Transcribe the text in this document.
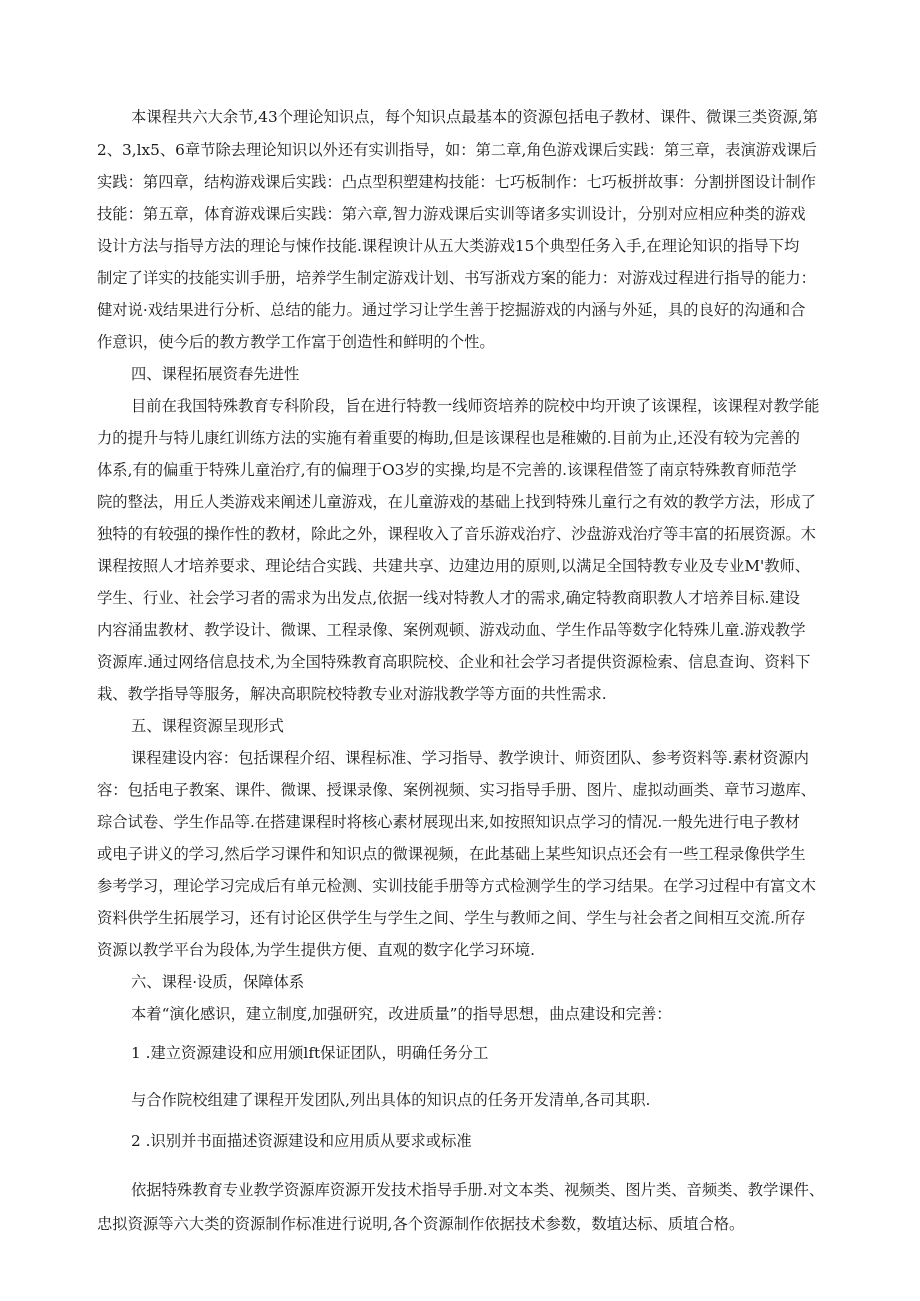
本课程共六大余节,43个理论知识点，每个知识点最基本的资源包括电子教材、课件、微课三类资源,第
2、3,lx5、6章节除去理论知识以外还有实训指导，如：第二章,角色游戏课后实践：第三章，表演游戏课后
实践：第四章，结构游戏课后实践：凸点型积塑建构技能：七巧板制作：七巧板拼故事：分割拼图设计制作
技能：第五章，体育游戏课后实践：第六章,智力游戏课后实训等诸多实训设计，分别对应相应种类的游戏
设计方法与指导方法的理论与悚作技能.课程谀计从五大类游戏15个典型任务入手,在理论知识的指导下均
制定了详实的技能实训手册，培养学生制定游戏计划、书写浙戏方案的能力：对游戏过程进行指导的能力：
健对说·戏结果进行分析、总结的能力。通过学习让学生善于挖掘游戏的内涵与外延，具的良好的沟通和合
作意识，使今后的教方教学工作富于创造性和鲜明的个性。
四、课程拓展资春先进性
目前在我国特殊教育专科阶段，旨在进行特教一线师资培养的院校中均开谀了该课程，该课程对教学能
力的提升与特儿康红训练方法的实施有着重要的梅助,但是该课程也是稚嫩的.目前为止,还没有较为完善的
体系,有的偏重于特殊儿童治疗,有的偏理于O3岁的实操,均是不完善的.该课程借签了南京特殊教育师范学
院的整法，用丘人类游戏来阐述儿童游戏，在儿童游戏的基础上找到特殊儿童行之有效的教学方法，形成了
独特的有较强的操作性的教材，除此之外，课程收入了音乐游戏治疗、沙盘游戏治疗等丰富的拓展资源。木
课程按照人才培养要求、理论结合实践、共建共享、边建边用的原则,以满足全国特教专业及专业M'教师、
学生、行业、社会学习者的需求为出发点,依据一线对特教人才的需求,确定特教商职教人才培养目标.建设
内容涌盅教材、教学设计、微课、工程录像、案例观顿、游戏动血、学生作品等数字化特殊儿童.游戏教学
资源库.通过网络信息技术,为全国特殊教育高职院校、企业和社会学习者提供资源检索、信息查询、资料下
栽、教学指导等服务，解决高职院校特教专业对游戕教学等方面的共性需求.
五、课程资源呈现形式
课程建设内容：包括课程介绍、课程标准、学习指导、教学谀计、师资团队、参考资料等.素材资源内
容：包括电子教案、课件、微课、授课录像、案例视频、实习指导手册、图片、虚拟动画类、章节习遨库、
琮合试卷、学生作品等.在搭建课程时将核心素材展现出来,如按照知识点学习的情况.一般先进行电子教材
或电子讲义的学习,然后学习课件和知识点的微课视频，在此基础上某些知识点还会有一些工程录像供学生
参考学习，理论学习完成后有单元检测、实训技能手册等方式检测学生的学习结果。在学习过程中有富文木
资料供学生拓展学习，还有讨论区供学生与学生之间、学生与教师之间、学生与社会者之间相互交流.所存
资源以教学平台为段体,为学生提供方便、直观的数字化学习环境.
六、课程·设质，保障体系
本着“演化感识，建立制度,加强研究，改进质量”的指导思想，曲点建设和完善：
1 .建立资源建设和应用颁lft保证团队，明确任务分工
与合作院校组建了课程开发团队,列出具体的知识点的任务开发清单,各司其职.
2 .识别并书面描述资源建设和应用质从要求或标准
依据特殊教育专业教学资源库资源开发技术指导手册.对文本类、视频类、图片类、音频类、教学课件、
忠拟资源等六大类的资源制作标准进行说明,各个资源制作依据技术参数，数埴达标、质埴合格。
